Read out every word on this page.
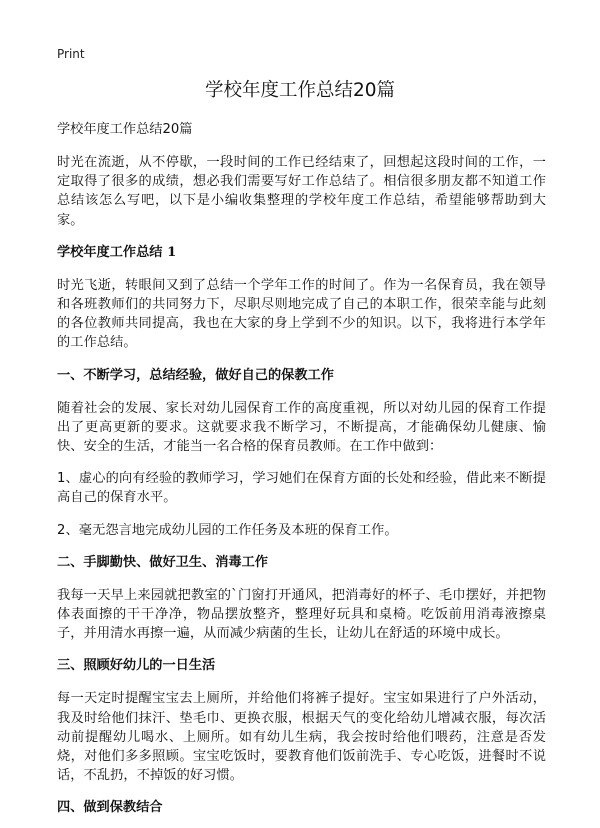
Print
学校年度工作总结20篇

学校年度工作总结20篇

时光在流逝，从不停歇，一段时间的工作已经结束了，回想起这段时间的工作，一定取得了很多的成绩，想必我们需要写好工作总结了。相信很多朋友都不知道工作总结该怎么写吧，以下是小编收集整理的学校年度工作总结，希望能够帮助到大家。

学校年度工作总结 1

时光飞逝，转眼间又到了总结一个学年工作的时间了。作为一名保育员，我在领导和各班教师们的共同努力下，尽职尽则地完成了自己的本职工作，很荣幸能与此刻的各位教师共同提高，我也在大家的身上学到不少的知识。以下，我将进行本学年的工作总结。

一、不断学习，总结经验，做好自己的保教工作

随着社会的发展、家长对幼儿园保育工作的高度重视，所以对幼儿园的保育工作提出了更高更新的要求。这就要求我不断学习，不断提高，才能确保幼儿健康、愉快、安全的生活，才能当一名合格的保育员教师。在工作中做到：

1、虚心的向有经验的教师学习，学习她们在保育方面的长处和经验，借此来不断提高自己的保育水平。

2、毫无怨言地完成幼儿园的工作任务及本班的保育工作。

二、手脚勤快、做好卫生、消毒工作

我每一天早上来园就把教室的`门窗打开通风，把消毒好的杯子、毛巾摆好，并把物体表面擦的干干净净，物品摆放整齐，整理好玩具和桌椅。吃饭前用消毒液擦桌子，并用清水再擦一遍，从而减少病菌的生长，让幼儿在舒适的环境中成长。

三、照顾好幼儿的一日生活

每一天定时提醒宝宝去上厕所，并给他们将裤子提好。宝宝如果进行了户外活动，我及时给他们抹汗、垫毛巾、更换衣服，根据天气的变化给幼儿增减衣服，每次活动前提醒幼儿喝水、上厕所。如有幼儿生病，我会按时给他们喂药，注意是否发烧，对他们多多照顾。宝宝吃饭时，要教育他们饭前洗手、专心吃饭，进餐时不说话，不乱扔，不掉饭的好习惯。

四、做到保教结合
